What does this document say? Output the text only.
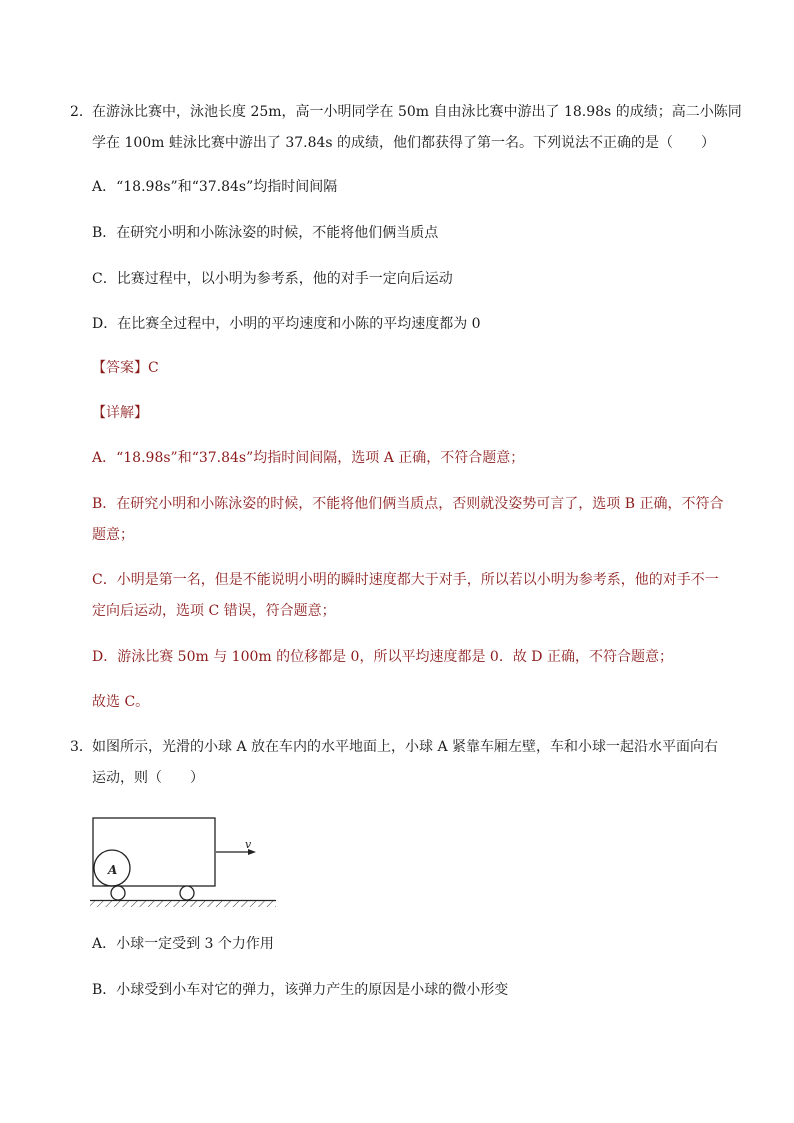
2． 在游泳比赛中，泳池长度 25m，高一小明同学在 50m 自由泳比赛中游出了 18.98s 的成绩；高二小陈同
学在 100m 蛙泳比赛中游出了 37.84s 的成绩，他们都获得了第一名。下列说法不正确的是（　　）
A．“18.98s”和“37.84s”均指时间间隔
B．在研究小明和小陈泳姿的时候，不能将他们俩当质点
C．比赛过程中，以小明为参考系，他的对手一定向后运动
D．在比赛全过程中，小明的平均速度和小陈的平均速度都为 0
【答案】C
【详解】
A．“18.98s”和“37.84s”均指时间间隔，选项 A 正确，不符合题意；
B．在研究小明和小陈泳姿的时候，不能将他们俩当质点，否则就没姿势可言了，选项 B 正确，不符合
题意；
C．小明是第一名，但是不能说明小明的瞬时速度都大于对手，所以若以小明为参考系，他的对手不一
定向后运动，选项 C 错误，符合题意；
D．游泳比赛 50m 与 100m 的位移都是 0，所以平均速度都是 0．故 D 正确，不符合题意；
故选 C。
3． 如图所示，光滑的小球 A 放在车内的水平地面上，小球 A 紧靠车厢左壁，车和小球一起沿水平面向右
运动，则（　　）
A
v
A．小球一定受到 3 个力作用
B．小球受到小车对它的弹力，该弹力产生的原因是小球的微小形变
